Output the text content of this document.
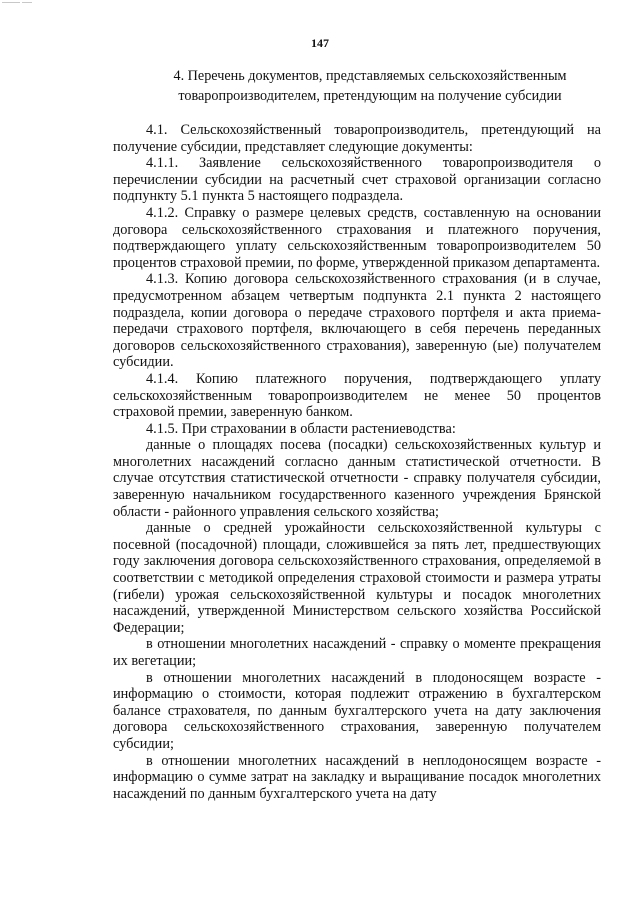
147
4. Перечень документов, представляемых сельскохозяйственным товаропроизводителем, претендующим на получение субсидии

4.1. Сельскохозяйственный товаропроизводитель, претендующий на получение субсидии, представляет следующие документы:

4.1.1. Заявление сельскохозяйственного товаропроизводителя о перечислении субсидии на расчетный счет страховой организации согласно подпункту 5.1 пункта 5 настоящего подраздела.

4.1.2. Справку о размере целевых средств, составленную на основании договора сельскохозяйственного страхования и платежного поручения, подтверждающего уплату сельскохозяйственным товаропроизводителем 50 процентов страховой премии, по форме, утвержденной приказом департамента.

4.1.3. Копию договора сельскохозяйственного страхования (и в случае, предусмотренном абзацем четвертым подпункта 2.1 пункта 2 настоящего подраздела, копии договора о передаче страхового портфеля и акта приема-передачи страхового портфеля, включающего в себя перечень переданных договоров сельскохозяйственного страхования), заверенную (ые) получателем субсидии.

4.1.4. Копию платежного поручения, подтверждающего уплату сельскохозяйственным товаропроизводителем не менее 50 процентов страховой премии, заверенную банком.

4.1.5. При страховании в области растениеводства:

данные о площадях посева (посадки) сельскохозяйственных культур и многолетних насаждений согласно данным статистической отчетности. В случае отсутствия статистической отчетности - справку получателя субсидии, заверенную начальником государственного казенного учреждения Брянской области - районного управления сельского хозяйства;

данные о средней урожайности сельскохозяйственной культуры с посевной (посадочной) площади, сложившейся за пять лет, предшествующих году заключения договора сельскохозяйственного страхования, определяемой в соответствии с методикой определения страховой стоимости и размера утраты (гибели) урожая сельскохозяйственной культуры и посадок многолетних насаждений, утвержденной Министерством сельского хозяйства Российской Федерации;

в отношении многолетних насаждений - справку о моменте прекращения их вегетации;

в отношении многолетних насаждений в плодоносящем возрасте - информацию о стоимости, которая подлежит отражению в бухгалтерском балансе страхователя, по данным бухгалтерского учета на дату заключения договора сельскохозяйственного страхования, заверенную получателем субсидии;

в отношении многолетних насаждений в неплодоносящем возрасте - информацию о сумме затрат на закладку и выращивание посадок многолетних насаждений по данным бухгалтерского учета на дату
